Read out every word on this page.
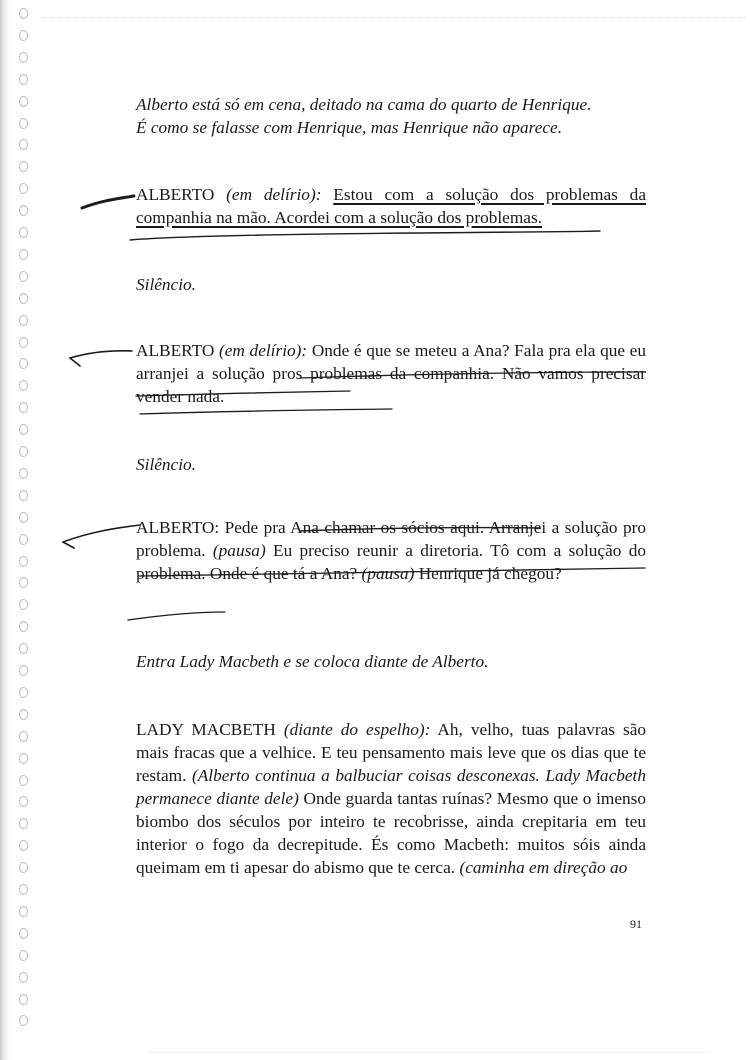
Alberto está só em cena, deitado na cama do quarto de Henrique.
É como se falasse com Henrique, mas Henrique não aparece.

ALBERTO (em delírio): Estou com a solução dos problemas da companhia na mão. Acordei com a solução dos problemas.

Silêncio.

ALBERTO (em delírio): Onde é que se meteu a Ana? Fala pra ela que eu arranjei a solução pros problemas da companhia. Não vamos precisar vender nada.

Silêncio.

ALBERTO: Pede pra Ana chamar os sócios aqui. Arranjei a solução pro problema. (pausa) Eu preciso reunir a diretoria. Tô com a solução do problema. Onde é que tá a Ana? (pausa) Henrique já chegou?

Entra Lady Macbeth e se coloca diante de Alberto.

LADY MACBETH (diante do espelho): Ah, velho, tuas palavras são mais fracas que a velhice. E teu pensamento mais leve que os dias que te restam. (Alberto continua a balbuciar coisas desconexas. Lady Macbeth permanece diante dele) Onde guarda tantas ruínas? Mesmo que o imenso biombo dos séculos por inteiro te recobrisse, ainda crepitaria em teu interior o fogo da decrepitude. És como Macbeth: muitos sóis ainda queimam em ti apesar do abismo que te cerca. (caminha em direção ao

91
